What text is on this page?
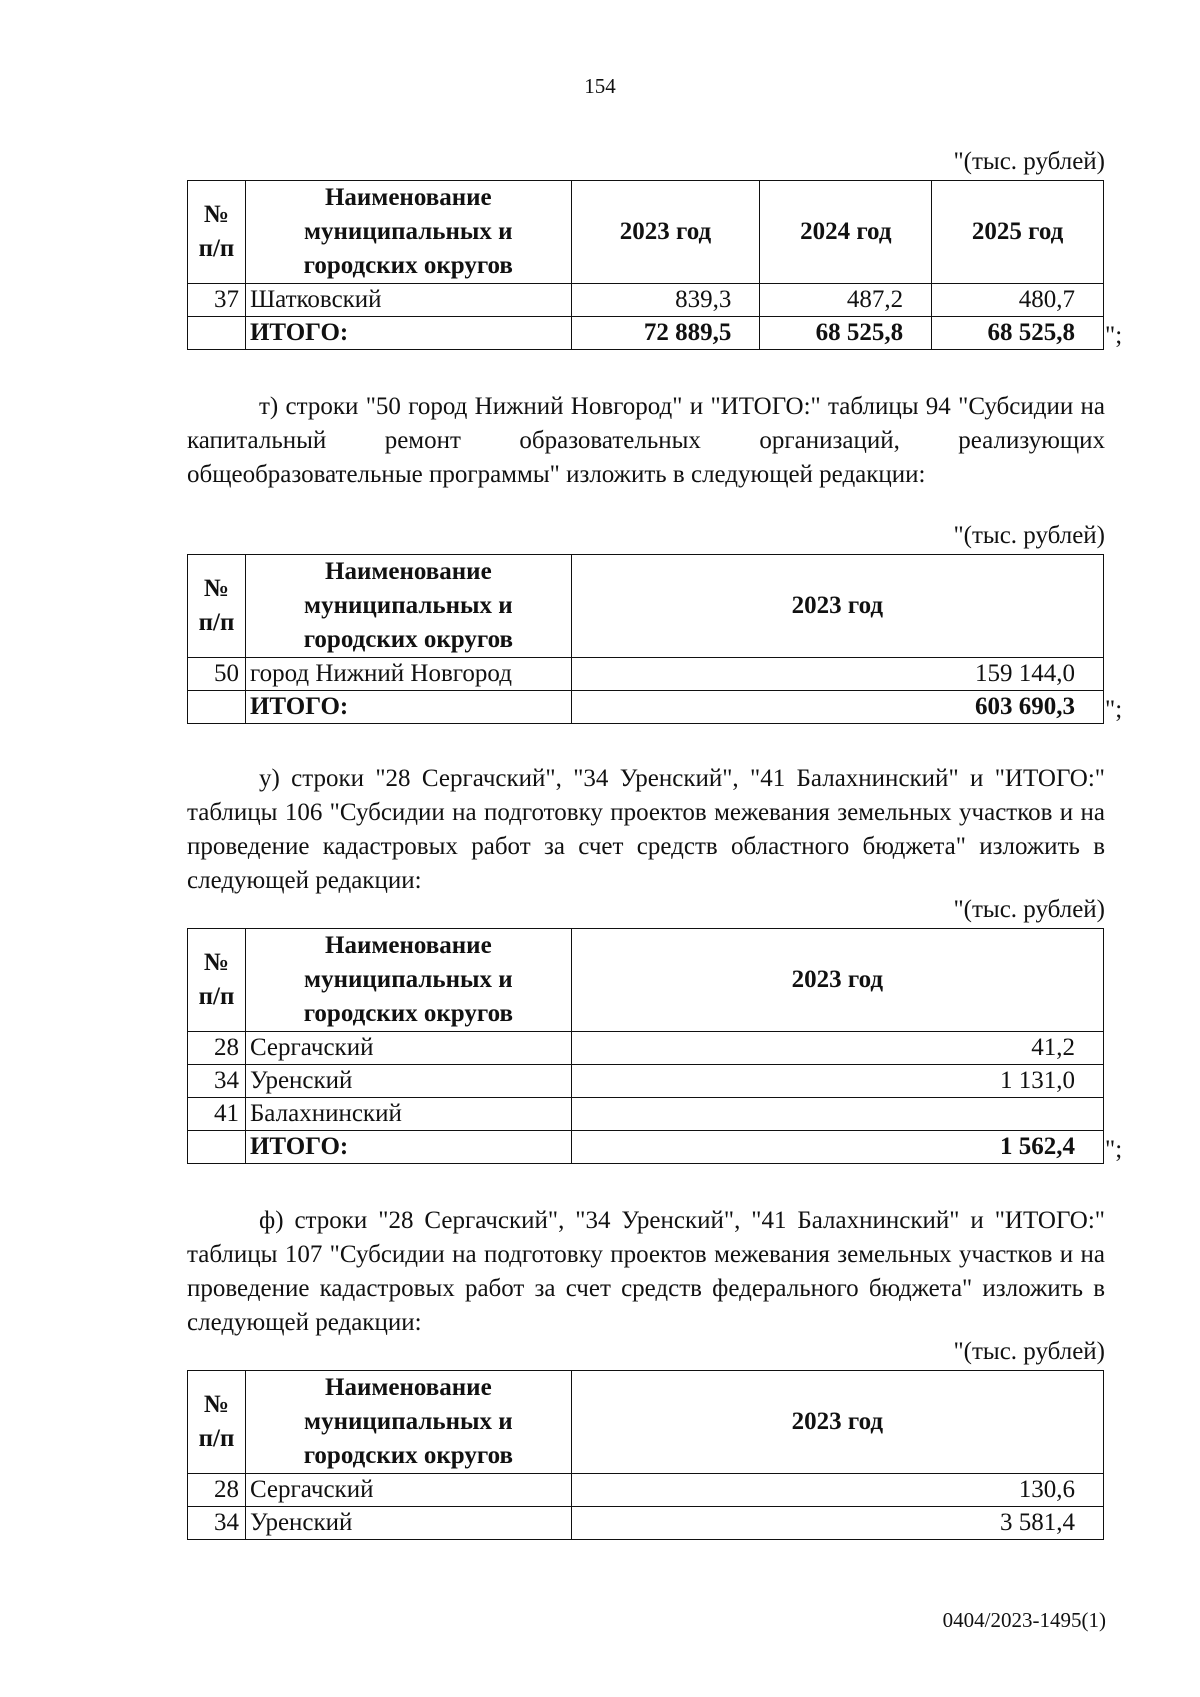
154
"(тыс. рублей)
№ п/п	Наименование
муниципальных и
городских округов	2023 год	2024 год	2025 год
37	Шатковский	839,3	487,2	480,7
	ИТОГО:	72 889,5	68 525,8	68 525,8 ";

т) строки "50 город Нижний Новгород" и "ИТОГО:" таблицы 94 "Субсидии на капитальный ремонт образовательных организаций, реализующих общеобразовательные программы" изложить в следующей редакции:

"(тыс. рублей)
№ п/п	Наименование
муниципальных и
городских округов	2023 год
50	город Нижний Новгород	159 144,0
	ИТОГО:	603 690,3 ";

у) строки "28 Сергачский", "34 Уренский", "41 Балахнинский" и "ИТОГО:" таблицы 106 "Субсидии на подготовку проектов межевания земельных участков и на проведение кадастровых работ за счет средств областного бюджета" изложить в следующей редакции:

"(тыс. рублей)
№ п/п	Наименование
муниципальных и
городских округов	2023 год
28	Сергачский	41,2
34	Уренский	1 131,0
41	Балахнинский	
	ИТОГО:	1 562,4 ";

ф) строки "28 Сергачский", "34 Уренский", "41 Балахнинский" и "ИТОГО:" таблицы 107 "Субсидии на подготовку проектов межевания земельных участков и на проведение кадастровых работ за счет средств федерального бюджета" изложить в следующей редакции:

"(тыс. рублей)
№ п/п	Наименование
муниципальных и
городских округов	2023 год
28	Сергачский	130,6
34	Уренский	3 581,4
0404/2023-1495(1)
